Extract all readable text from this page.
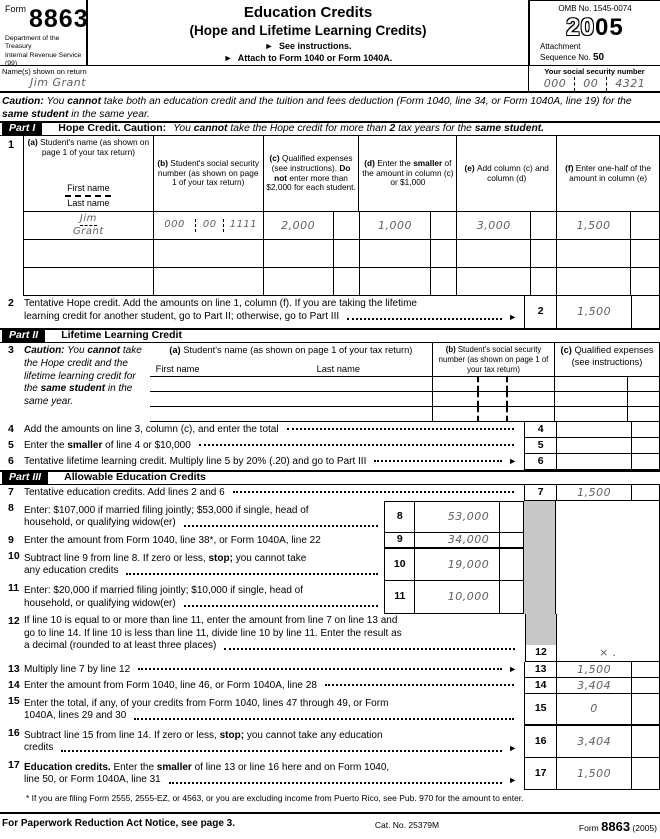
Form 8863
Department of the Treasury
Internal Revenue Service (99)
Education Credits
(Hope and Lifetime Learning Credits)
► See instructions.
► Attach to Form 1040 or Form 1040A.
OMB No. 1545-0074
2005
Attachment
Sequence No. 50
Name(s) shown on return
Jim Grant
Your social security number
000	00	4321
Caution: You cannot take both an education credit and the tuition and fees deduction (Form 1040, line 34, or Form 1040A, line 19) for the same student in the same year.
Part I	Hope Credit. Caution: You cannot take the Hope credit for more than 2 tax years for the same student.
1 (a) Student's name (as shown on page 1 of your tax return)
First name
Last name
(b) Student's social security number (as shown on page 1 of your tax return)
(c) Qualified expenses (see instructions). Do not enter more than $2,000 for each student.
(d) Enter the smaller of the amount in column (c) or $1,000
(e) Add column (c) and column (d)
(f) Enter one-half of the amount in column (e)
Jim
Grant
000	00	1111	2,000	1,000	3,000	1,500
2	Tentative Hope credit. Add the amounts on line 1, column (f). If you are taking the lifetime
learning credit for another student, go to Part II; otherwise, go to Part III	►	2	1,500
Part II	Lifetime Learning Credit
3	Caution: You cannot take the Hope credit and the lifetime learning credit for the same student in the same year.
(a) Student's name (as shown on page 1 of your tax return)
First name	Last name
(b) Student's social security number (as shown on page 1 of your tax return)
(c) Qualified expenses (see instructions)
4	Add the amounts on line 3, column (c), and enter the total	4
5	Enter the smaller of line 4 or $10,000	5
6	Tentative lifetime learning credit. Multiply line 5 by 20% (.20) and go to Part III	►	6
Part III	Allowable Education Credits
7	Tentative education credits. Add lines 2 and 6	7	1,500
8	Enter: $107,000 if married filing jointly; $53,000 if single, head of
household, or qualifying widow(er)
8	53,000
9	Enter the amount from Form 1040, line 38*, or Form 1040A, line 22	9	34,000
10 Subtract line 9 from line 8. If zero or less, stop; you cannot take
any education credits
10	19,000
11 Enter: $20,000 if married filing jointly; $10,000 if single, head of
household, or qualifying widow(er)
11	10,000
12 If line 10 is equal to or more than line 11, enter the amount from line 7 on line 13 and
go to line 14. If line 10 is less than line 11, divide line 10 by line 11. Enter the result as
a decimal (rounded to at least three places)
12	× .
13 Multiply line 7 by line 12	►	13	1,500
14 Enter the amount from Form 1040, line 46, or Form 1040A, line 28	14	3,404
15 Enter the total, if any, of your credits from Form 1040, lines 47 through 49, or Form
1040A, lines 29 and 30
15	0
16 Subtract line 15 from line 14. If zero or less, stop; you cannot take any education
credits	►
16	3,404
17 Education credits. Enter the smaller of line 13 or line 16 here and on Form 1040,
line 50, or Form 1040A, line 31	►
17	1,500
* If you are filing Form 2555, 2555-EZ, or 4563, or you are excluding income from Puerto Rico, see Pub. 970 for the amount to enter.
For Paperwork Reduction Act Notice, see page 3.	Cat. No. 25379M	Form 8863 (2005)
